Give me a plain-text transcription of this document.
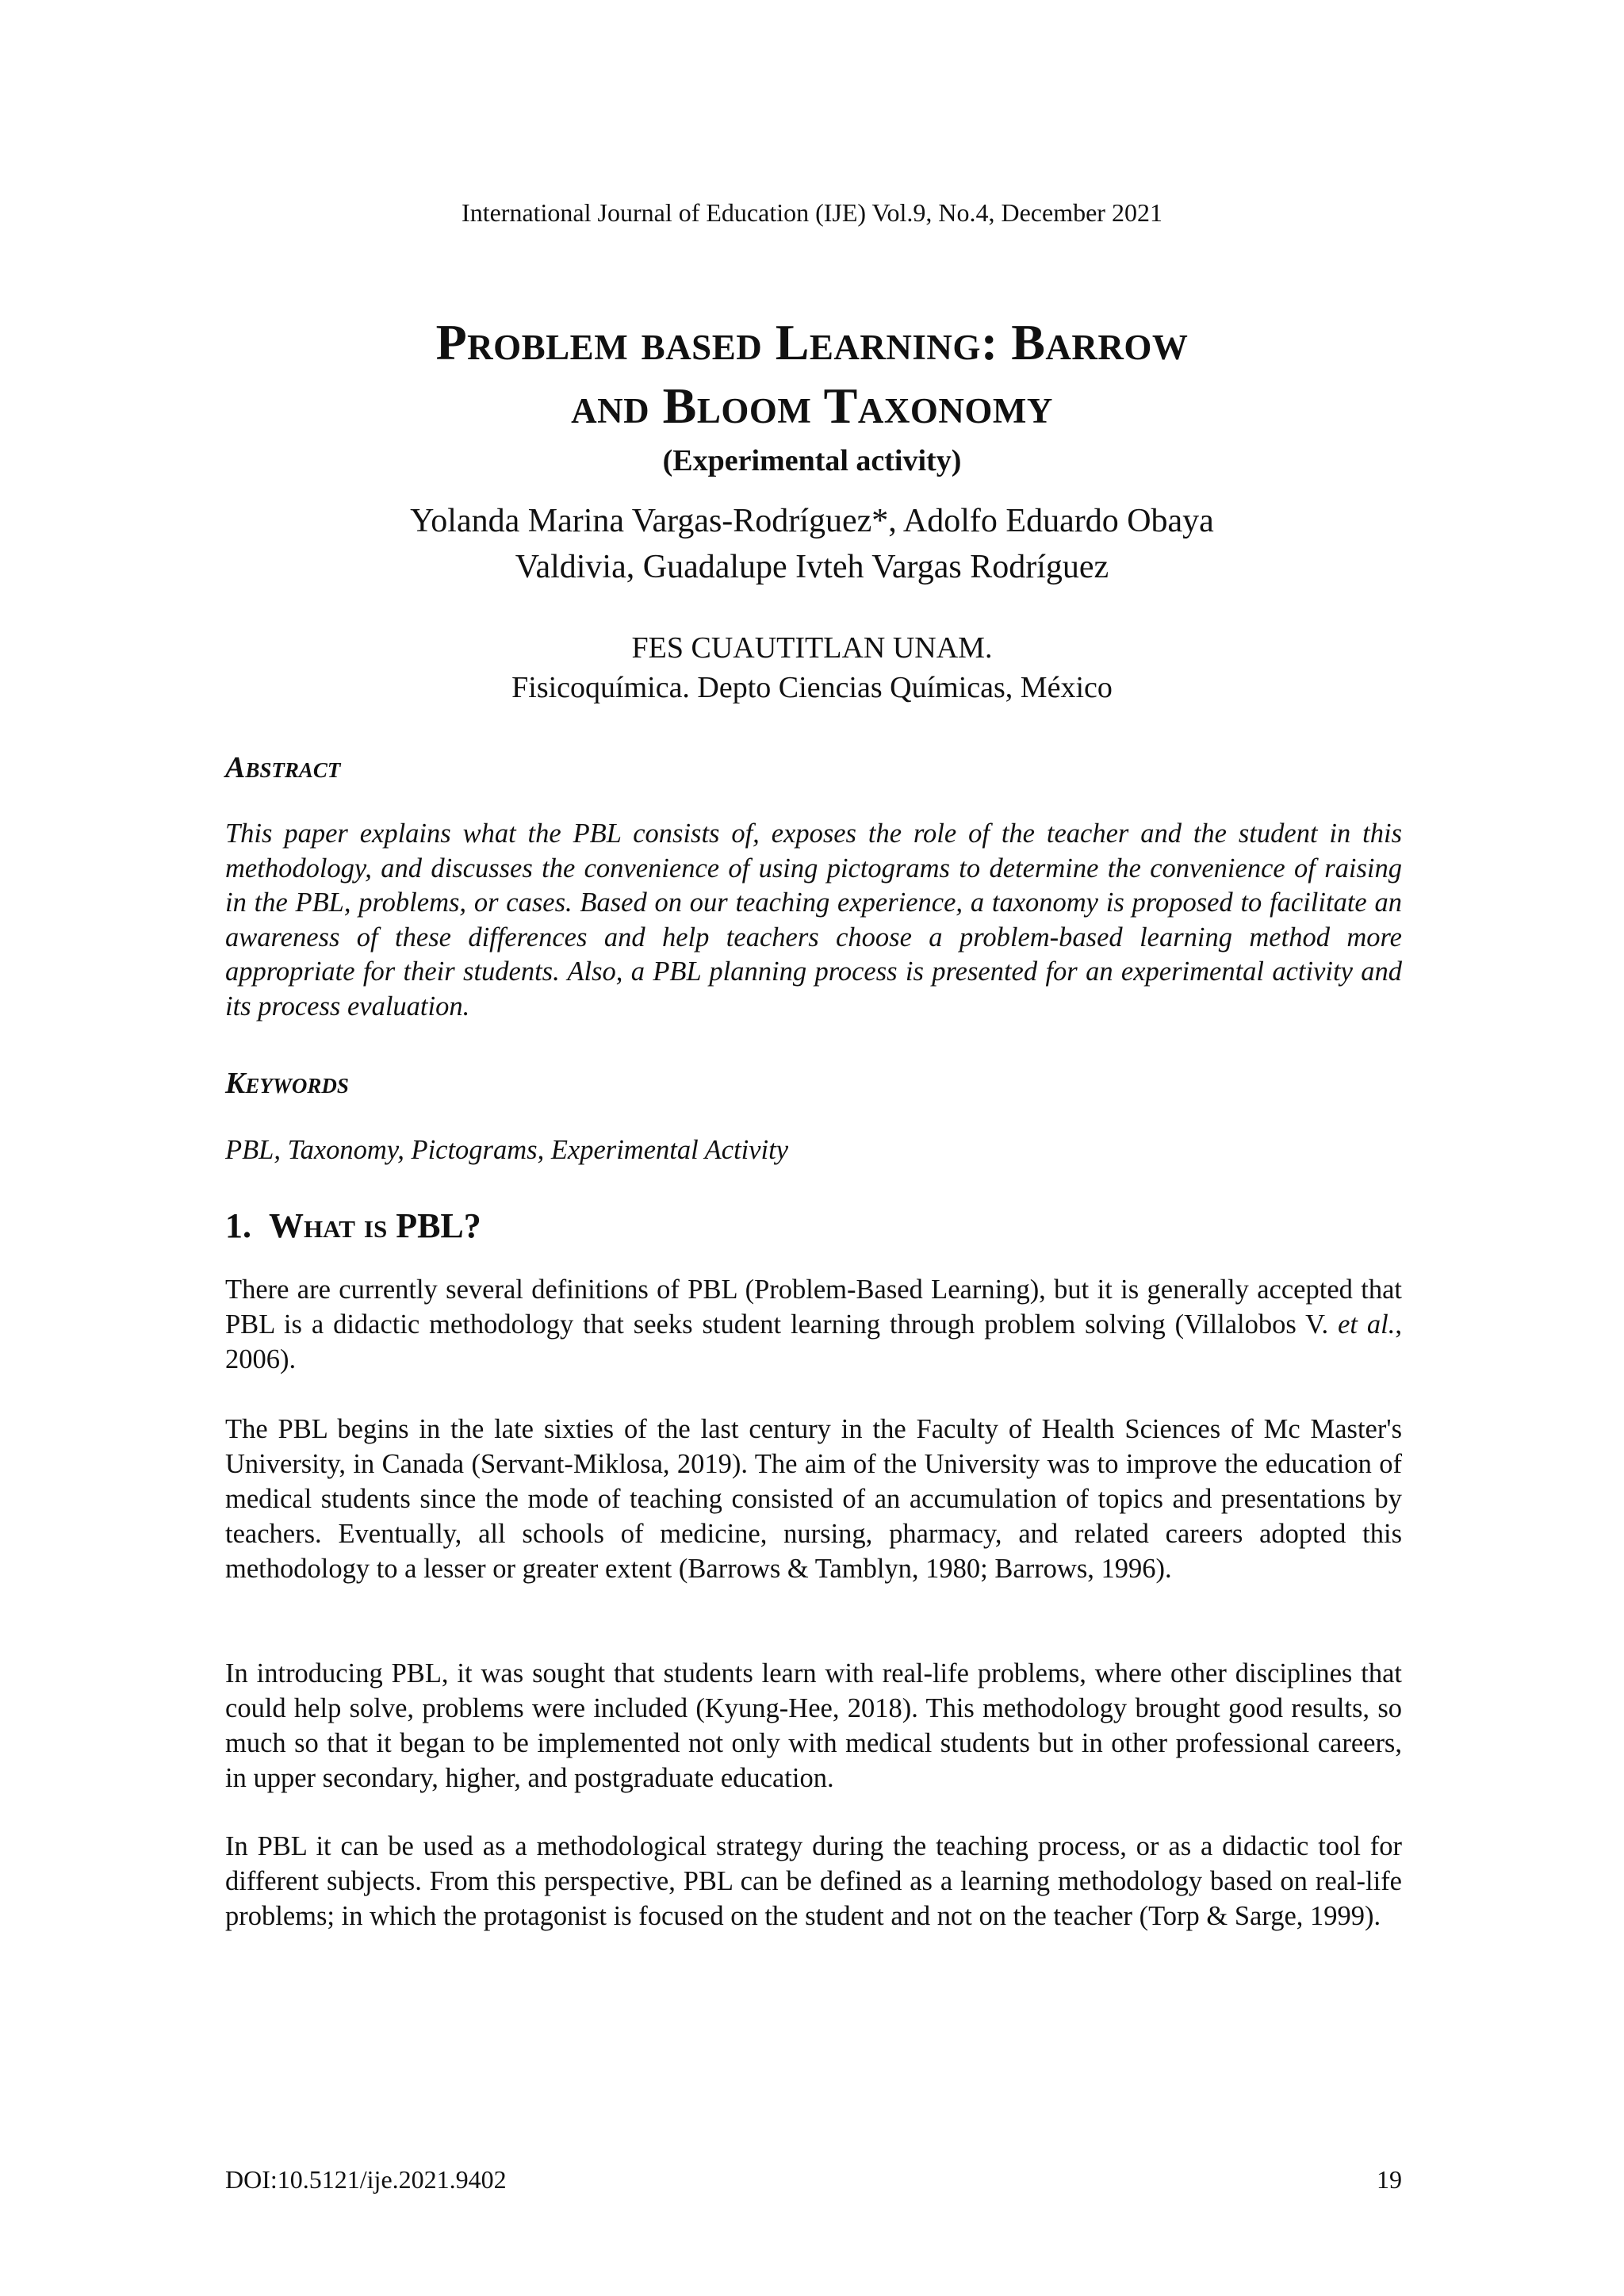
International Journal of Education (IJE) Vol.9, No.4, December 2021
Problem based Learning: Barrow
and Bloom Taxonomy
(Experimental activity)
Yolanda Marina Vargas-Rodríguez*, Adolfo Eduardo Obaya
Valdivia, Guadalupe Ivteh Vargas Rodríguez
FES CUAUTITLAN UNAM.
Fisicoquímica. Depto Ciencias Químicas, México
Abstract
This paper explains what the PBL consists of, exposes the role of the teacher and the student in this methodology, and discusses the convenience of using pictograms to determine the convenience of raising in the PBL, problems, or cases. Based on our teaching experience, a taxonomy is proposed to facilitate an awareness of these differences and help teachers choose a problem-based learning method more appropriate for their students. Also, a PBL planning process is presented for an experimental activity and its process evaluation.
Keywords
PBL, Taxonomy, Pictograms, Experimental Activity
1. What is PBL?
There are currently several definitions of PBL (Problem-Based Learning), but it is generally accepted that PBL is a didactic methodology that seeks student learning through problem solving (Villalobos V. et al., 2006).
The PBL begins in the late sixties of the last century in the Faculty of Health Sciences of Mc Master's University, in Canada (Servant-Miklosa, 2019). The aim of the University was to improve the education of medical students since the mode of teaching consisted of an accumulation of topics and presentations by teachers. Eventually, all schools of medicine, nursing, pharmacy, and related careers adopted this methodology to a lesser or greater extent (Barrows & Tamblyn, 1980; Barrows, 1996).
In introducing PBL, it was sought that students learn with real-life problems, where other disciplines that could help solve, problems were included (Kyung-Hee, 2018). This methodology brought good results, so much so that it began to be implemented not only with medical students but in other professional careers, in upper secondary, higher, and postgraduate education.
In PBL it can be used as a methodological strategy during the teaching process, or as a didactic tool for different subjects. From this perspective, PBL can be defined as a learning methodology based on real-life problems; in which the protagonist is focused on the student and not on the teacher (Torp & Sarge, 1999).
DOI:10.5121/ije.2021.9402	19
